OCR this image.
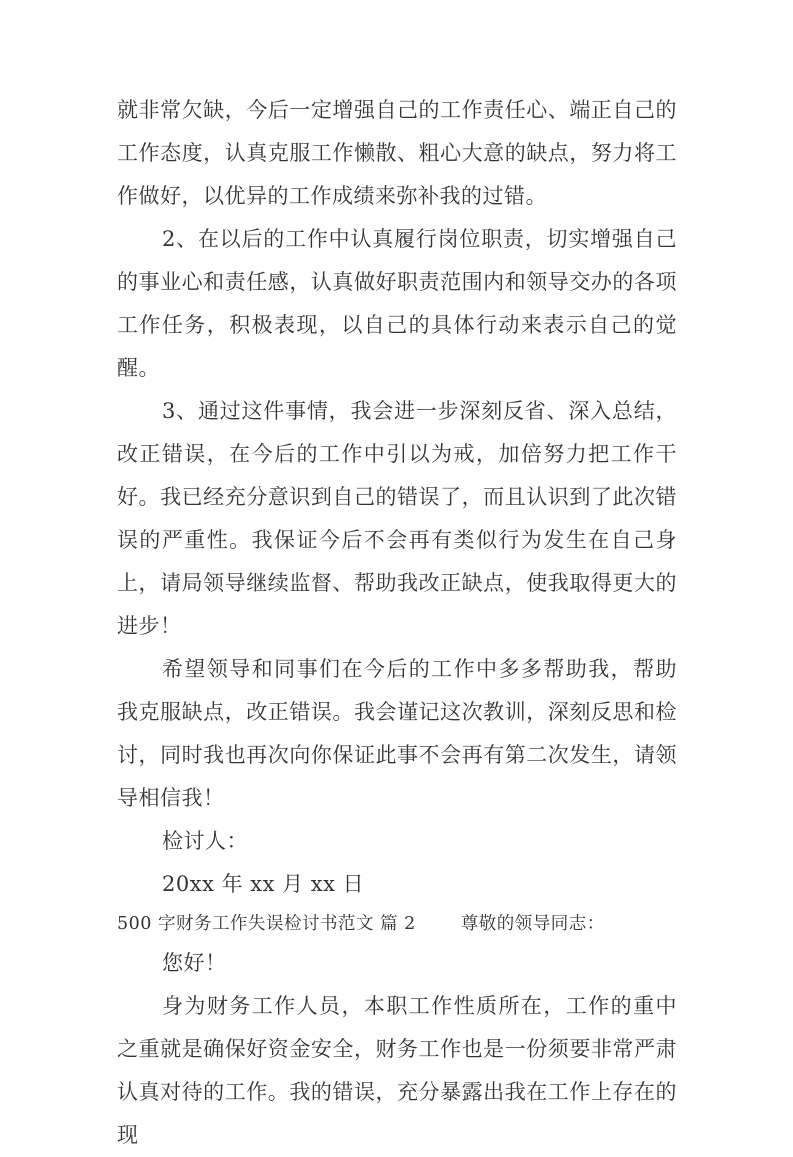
就非常欠缺，今后一定增强自己的工作责任心、端正自己的工作态度，认真克服工作懒散、粗心大意的缺点，努力将工作做好，以优异的工作成绩来弥补我的过错。

2、在以后的工作中认真履行岗位职责，切实增强自己的事业心和责任感，认真做好职责范围内和领导交办的各项工作任务，积极表现，以自己的具体行动来表示自己的觉醒。

3、通过这件事情，我会进一步深刻反省、深入总结，改正错误，在今后的工作中引以为戒，加倍努力把工作干好。我已经充分意识到自己的错误了，而且认识到了此次错误的严重性。我保证今后不会再有类似行为发生在自己身上，请局领导继续监督、帮助我改正缺点，使我取得更大的进步！

希望领导和同事们在今后的工作中多多帮助我，帮助我克服缺点，改正错误。我会谨记这次教训，深刻反思和检讨，同时我也再次向你保证此事不会再有第二次发生，请领导相信我！

检讨人：

20xx 年 xx 月 xx 日

500 字财务工作失误检讨书范文 篇 2	尊敬的领导同志：

您好！

身为财务工作人员，本职工作性质所在，工作的重中之重就是确保好资金安全，财务工作也是一份须要非常严肃认真对待的工作。我的错误，充分暴露出我在工作上存在的现
